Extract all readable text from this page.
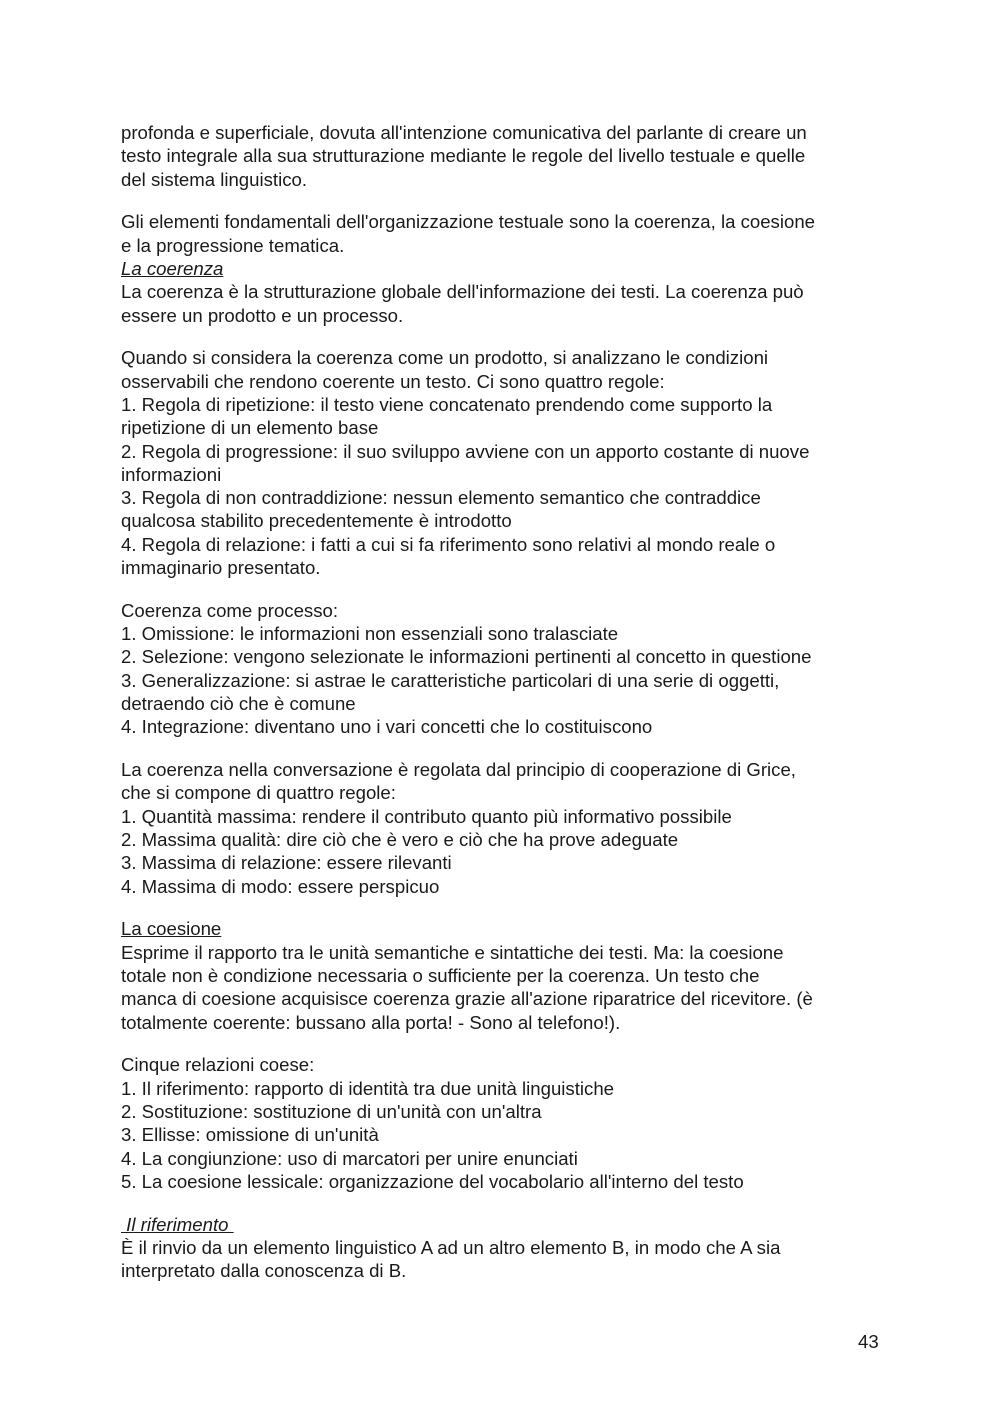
profonda e superficiale, dovuta all'intenzione comunicativa del parlante di creare un

testo integrale alla sua strutturazione mediante le regole del livello testuale e quelle

del sistema linguistico.

Gli elementi fondamentali dell'organizzazione testuale sono la coerenza, la coesione

e la progressione tematica.

La coerenza

La coerenza è la strutturazione globale dell'informazione dei testi. La coerenza può

essere un prodotto e un processo.

Quando si considera la coerenza come un prodotto, si analizzano le condizioni

osservabili che rendono coerente un testo. Ci sono quattro regole:

1. Regola di ripetizione: il testo viene concatenato prendendo come supporto la

ripetizione di un elemento base

2. Regola di progressione: il suo sviluppo avviene con un apporto costante di nuove

informazioni

3. Regola di non contraddizione: nessun elemento semantico che contraddice

qualcosa stabilito precedentemente è introdotto

4. Regola di relazione: i fatti a cui si fa riferimento sono relativi al mondo reale o

immaginario presentato.

Coerenza come processo:

1. Omissione: le informazioni non essenziali sono tralasciate

2. Selezione: vengono selezionate le informazioni pertinenti al concetto in questione

3. Generalizzazione: si astrae le caratteristiche particolari di una serie di oggetti,

detraendo ciò che è comune

4. Integrazione: diventano uno i vari concetti che lo costituiscono

La coerenza nella conversazione è regolata dal principio di cooperazione di Grice,

che si compone di quattro regole:

1. Quantità massima: rendere il contributo quanto più informativo possibile

2. Massima qualità: dire ciò che è vero e ciò che ha prove adeguate

3. Massima di relazione: essere rilevanti

4. Massima di modo: essere perspicuo

La coesione

Esprime il rapporto tra le unità semantiche e sintattiche dei testi. Ma: la coesione

totale non è condizione necessaria o sufficiente per la coerenza. Un testo che

manca di coesione acquisisce coerenza grazie all'azione riparatrice del ricevitore. (è

totalmente coerente: bussano alla porta! - Sono al telefono!).

Cinque relazioni coese:

1. Il riferimento: rapporto di identità tra due unità linguistiche

2. Sostituzione: sostituzione di un'unità con un'altra

3. Ellisse: omissione di un'unità

4. La congiunzione: uso di marcatori per unire enunciati

5. La coesione lessicale: organizzazione del vocabolario all'interno del testo

Il riferimento

È il rinvio da un elemento linguistico A ad un altro elemento B, in modo che A sia

interpretato dalla conoscenza di B.

43
